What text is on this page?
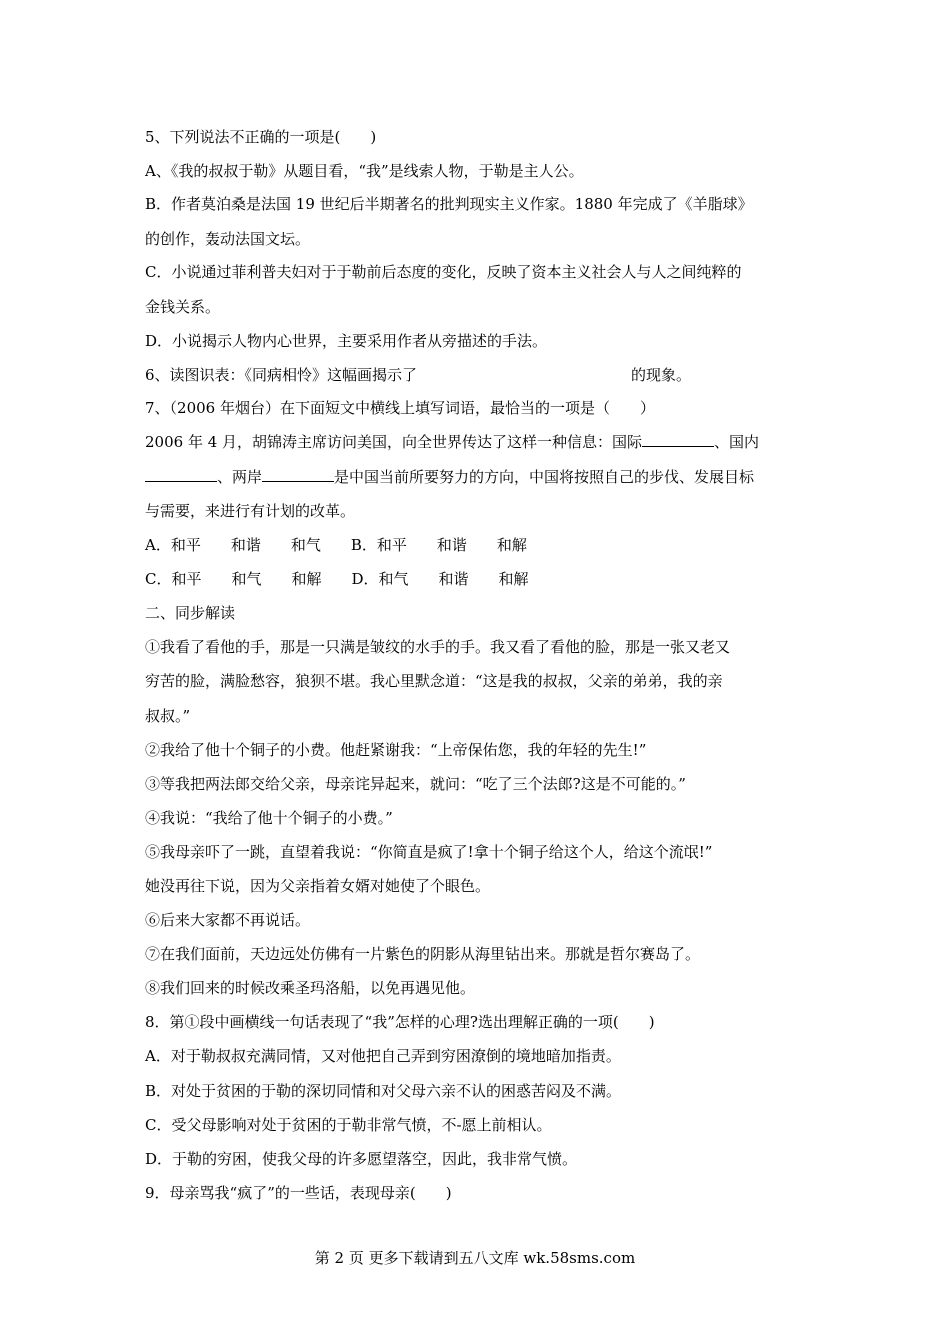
5、下列说法不正确的一项是(　　)
A、《我的叔叔于勒》从题目看，“我”是线索人物，于勒是主人公。
B．作者莫泊桑是法国 19 世纪后半期著名的批判现实主义作家。1880 年完成了《羊脂球》
的创作，轰动法国文坛。
C．小说通过菲利普夫妇对于于勒前后态度的变化，反映了资本主义社会人与人之间纯粹的
金钱关系。
D．小说揭示人物内心世界，主要采用作者从旁描述的手法。
6、读图识表：《同病相怜》这幅画揭示了	的现象。
7、（2006 年烟台）在下面短文中横线上填写词语，最恰当的一项是（　　）
2006 年 4 月，胡锦涛主席访问美国，向全世界传达了这样一种信息：国际	、国内
、两岸	是中国当前所要努力的方向，中国将按照自己的步伐、发展目标
与需要，来进行有计划的改革。
A．和平　　和谐　　和气　　B．和平　　和谐　　和解
C．和平　　和气　　和解　　D．和气　　和谐　　和解
二、同步解读
①我看了看他的手，那是一只满是皱纹的水手的手。我又看了看他的脸，那是一张又老又
穷苦的脸，满脸愁容，狼狈不堪。我心里默念道：“这是我的叔叔，父亲的弟弟，我的亲
叔叔。”
②我给了他十个铜子的小费。他赶紧谢我：“上帝保佑您，我的年轻的先生!”
③等我把两法郎交给父亲，母亲诧异起来，就问：“吃了三个法郎?这是不可能的。”
④我说：“我给了他十个铜子的小费。”
⑤我母亲吓了一跳，直望着我说：“你简直是疯了!拿十个铜子给这个人，给这个流氓!”
她没再往下说，因为父亲指着女婿对她使了个眼色。
⑥后来大家都不再说话。
⑦在我们面前，天边远处仿佛有一片紫色的阴影从海里钻出来。那就是哲尔赛岛了。
⑧我们回来的时候改乘圣玛洛船，以免再遇见他。
8．第①段中画横线一句话表现了“我”怎样的心理?选出理解正确的一项(　　)
A．对于勒叔叔充满同情，又对他把自己弄到穷困潦倒的境地暗加指责。
B．对处于贫困的于勒的深切同情和对父母六亲不认的困惑苦闷及不满。
C．受父母影响对处于贫困的于勒非常气愤，不-愿上前相认。
D．于勒的穷困，使我父母的许多愿望落空，因此，我非常气愤。
9．母亲骂我“疯了”的一些话，表现母亲(　　)
第 2 页 更多下载请到五八文库 wk.58sms.com
